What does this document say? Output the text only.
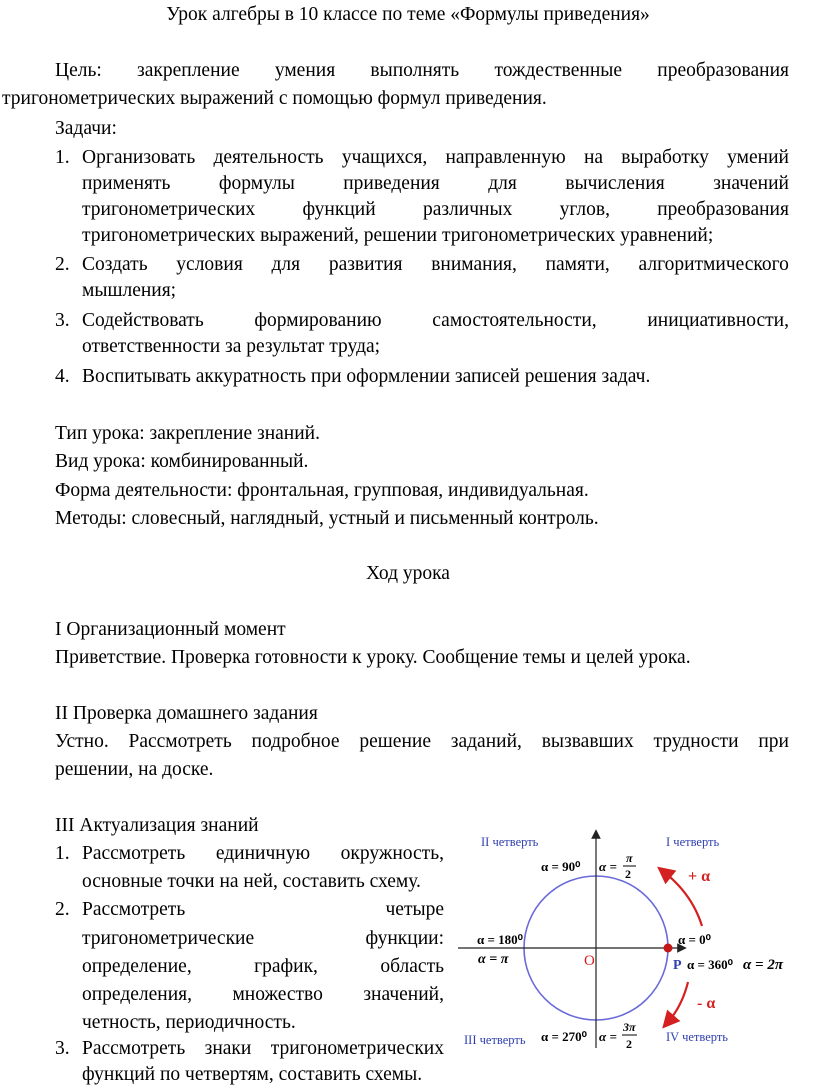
Урок алгебры в 10 классе по теме «Формулы приведения»
Цель: закрепление умения выполнять тождественные преобразования
тригонометрических выражений с помощью формул приведения.
Задачи:
1. Организовать деятельность учащихся, направленную на выработку умений
применять формулы приведения для вычисления значений
тригонометрических функций различных углов, преобразования
тригонометрических выражений, решении тригонометрических уравнений;
2. Создать условия для развития внимания, памяти, алгоритмического
мышления;
3. Содействовать	формированию	самостоятельности,	инициативности,
ответственности за результат труда;
4. Воспитывать аккуратность при оформлении записей решения задач.
Тип урока: закрепление знаний.
Вид урока: комбинированный.
Форма деятельности: фронтальная, групповая, индивидуальная.
Методы: словесный, наглядный, устный и письменный контроль.
Ход урока
I Организационный момент
Приветствие. Проверка готовности к уроку. Сообщение темы и целей урока.
II Проверка домашнего задания
Устно. Рассмотреть подробное решение заданий, вызвавших трудности при
решении, на доске.
III Актуализация знаний
1. Рассмотреть единичную окружность,
основные точки на ней, составить схему.
2. Рассмотреть	четыре
тригонометрические	функции:
определение,	график,	область
определения, множество значений,
четность, периодичность.
3. Рассмотреть знаки тригонометрических
функций по четвертям, составить схемы.
II четверть	I четверть
III четверть	IV четверть
α = 90⁰ α =
π
2
α = 180⁰
α = π
α = 0⁰
O	P α = 360⁰ α = 2π
α = 270⁰ α =
3π
2
+ α
- α
